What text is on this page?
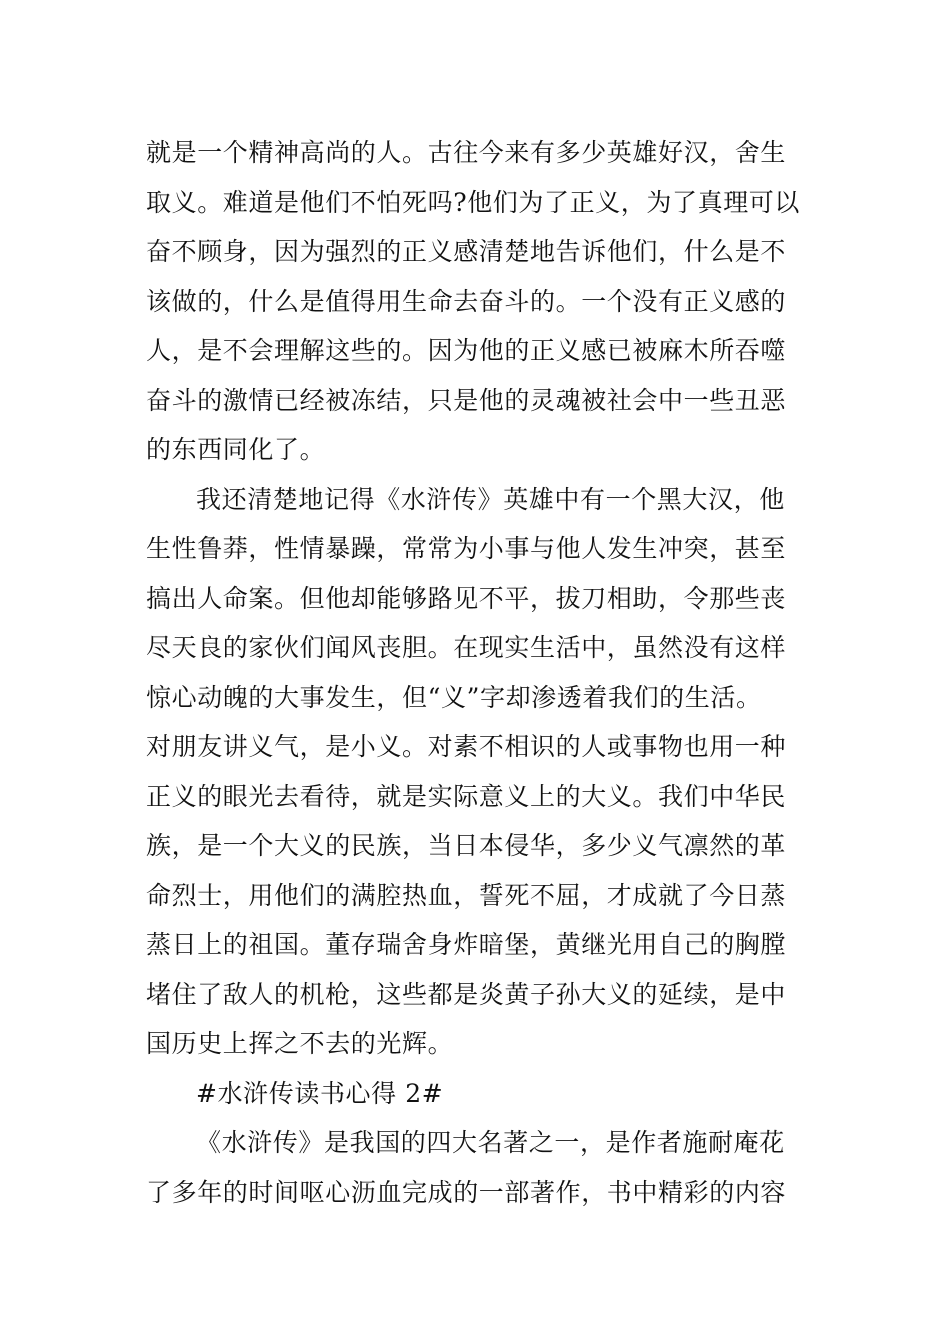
就是一个精神高尚的人。古往今来有多少英雄好汉，舍生
取义。难道是他们不怕死吗?他们为了正义，为了真理可以
奋不顾身，因为强烈的正义感清楚地告诉他们，什么是不
该做的，什么是值得用生命去奋斗的。一个没有正义感的
人，是不会理解这些的。因为他的正义感已被麻木所吞噬
奋斗的激情已经被冻结，只是他的灵魂被社会中一些丑恶
的东西同化了。
我还清楚地记得《水浒传》英雄中有一个黑大汉，他
生性鲁莽，性情暴躁，常常为小事与他人发生冲突，甚至
搞出人命案。但他却能够路见不平，拔刀相助，令那些丧
尽天良的家伙们闻风丧胆。在现实生活中，虽然没有这样
惊心动魄的大事发生，但“义”字却渗透着我们的生活。
对朋友讲义气，是小义。对素不相识的人或事物也用一种
正义的眼光去看待，就是实际意义上的大义。我们中华民
族，是一个大义的民族，当日本侵华，多少义气凛然的革
命烈士，用他们的满腔热血，誓死不屈，才成就了今日蒸
蒸日上的祖国。董存瑞舍身炸暗堡，黄继光用自己的胸膛
堵住了敌人的机枪，这些都是炎黄子孙大义的延续，是中
国历史上挥之不去的光辉。
#水浒传读书心得 2#
《水浒传》是我国的四大名著之一，是作者施耐庵花
了多年的时间呕心沥血完成的一部著作，书中精彩的内容
